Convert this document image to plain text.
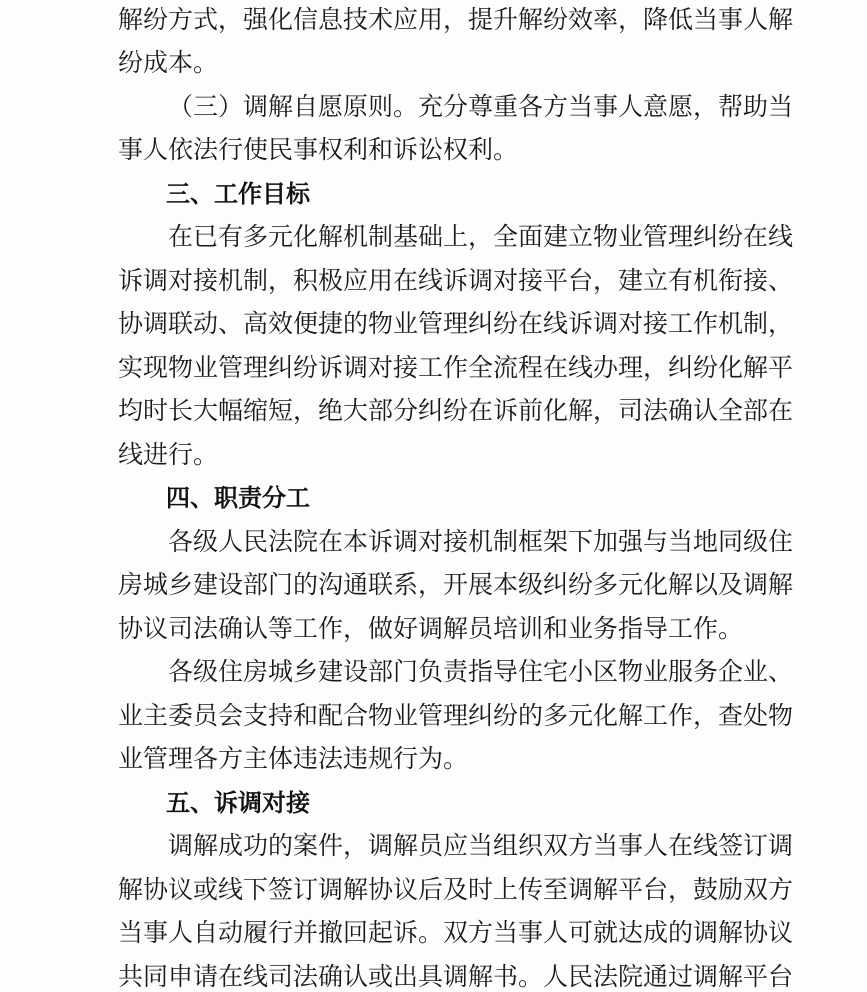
解纷方式，强化信息技术应用，提升解纷效率，降低当事人解
纷成本。
（三）调解自愿原则。充分尊重各方当事人意愿，帮助当
事人依法行使民事权利和诉讼权利。
三、工作目标
在已有多元化解机制基础上，全面建立物业管理纠纷在线
诉调对接机制，积极应用在线诉调对接平台，建立有机衔接、
协调联动、高效便捷的物业管理纠纷在线诉调对接工作机制，
实现物业管理纠纷诉调对接工作全流程在线办理，纠纷化解平
均时长大幅缩短，绝大部分纠纷在诉前化解，司法确认全部在
线进行。
四、职责分工
各级人民法院在本诉调对接机制框架下加强与当地同级住
房城乡建设部门的沟通联系，开展本级纠纷多元化解以及调解
协议司法确认等工作，做好调解员培训和业务指导工作。
各级住房城乡建设部门负责指导住宅小区物业服务企业、
业主委员会支持和配合物业管理纠纷的多元化解工作，查处物
业管理各方主体违法违规行为。
五、诉调对接
调解成功的案件，调解员应当组织双方当事人在线签订调
解协议或线下签订调解协议后及时上传至调解平台，鼓励双方
当事人自动履行并撤回起诉。双方当事人可就达成的调解协议
共同申请在线司法确认或出具调解书。人民法院通过调解平台
